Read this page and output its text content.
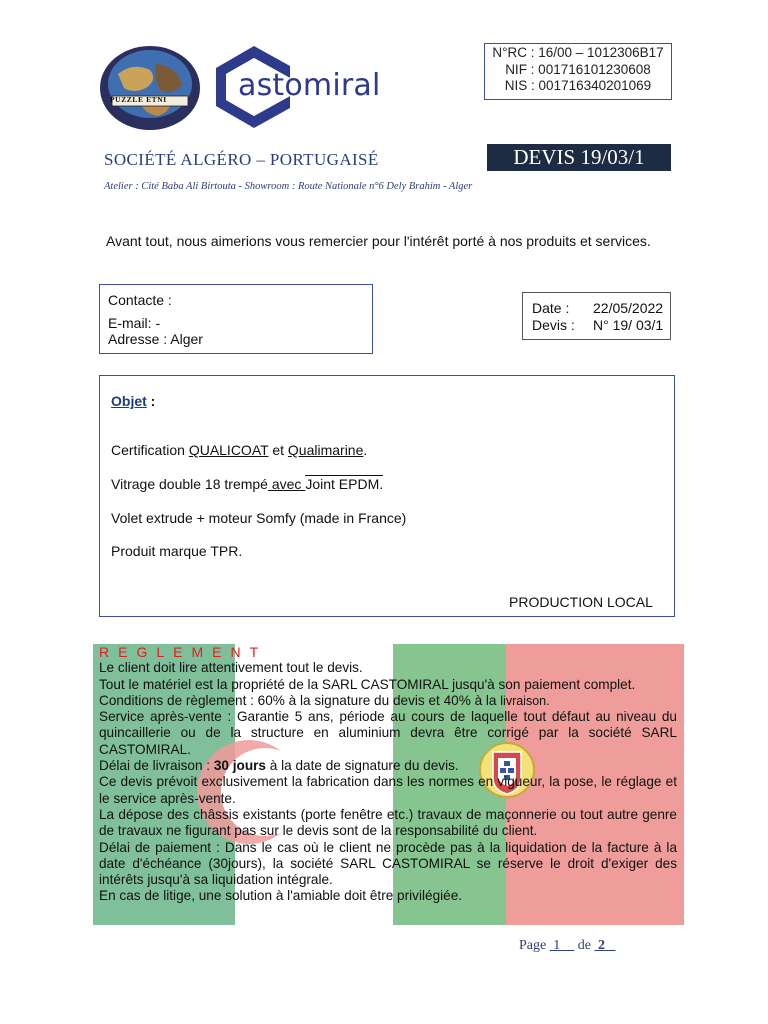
PUZZLE ETNI astomiral
N°RC : 16/00 – 1012306B17
NIF : 001716101230608
NIS : 001716340201069
SOCIÉTÉ ALGÉRO – PORTUGAISÉ	DEVIS 19/03/1
Atelier : Cité Baba Ali Birtouta - Showroom : Route Nationale n°6 Dely Brahim - Alger
Avant tout, nous aimerions vous remercier pour l'intérêt porté à nos produits et services.
Contacte :
E-mail: -
Adresse : Alger
Date : 22/05/2022
Devis : N° 19/ 03/1
Objet :
Certification QUALICOAT et Qualimarine.
Vitrage double 18 trempé avec Joint EPDM.
Volet extrude + moteur Somfy (made in France)
Produit marque TPR.
PRODUCTION LOCAL

REGLEMENT

Le client doit lire attentivement tout le devis.

Tout le matériel est la propriété de la SARL CASTOMIRAL jusqu'à son paiement complet.

Conditions de règlement : 60% à la signature du devis et 40% à la livraison.

Service après-vente : Garantie 5 ans, période au cours de laquelle tout défaut au niveau du quincaillerie ou de la structure en aluminium devra être corrigé par la société SARL CASTOMIRAL.

Délai de livraison : 30 jours à la date de signature du devis.

Ce devis prévoit exclusivement la fabrication dans les normes en vigueur, la pose, le réglage et le service après-vente.

La dépose des châssis existants (porte fenêtre etc.) travaux de maçonnerie ou tout autre genre de travaux ne figurant pas sur le devis sont de la responsabilité du client.

Délai de paiement : Dans le cas où le client ne procède pas à la liquidation de la facture à la date d'échéance (30jours), la société SARL CASTOMIRAL se réserve le droit d'exiger des intérêts jusqu'à sa liquidation intégrale.

En cas de litige, une solution à l'amiable doit être privilégiée.

Page  1 de  2
